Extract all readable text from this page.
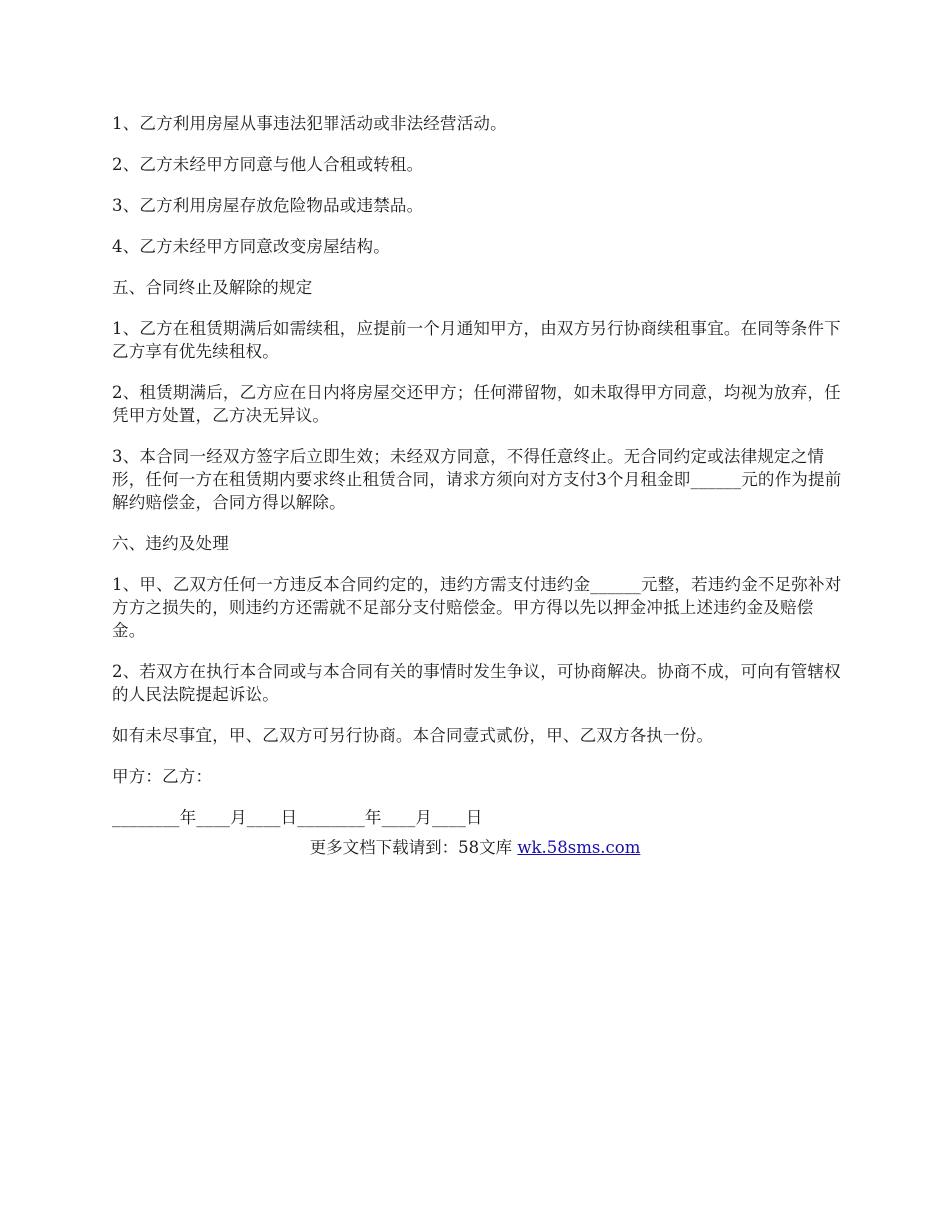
1、乙方利用房屋从事违法犯罪活动或非法经营活动。

2、乙方未经甲方同意与他人合租或转租。

3、乙方利用房屋存放危险物品或违禁品。

4、乙方未经甲方同意改变房屋结构。

五、合同终止及解除的规定

1、乙方在租赁期满后如需续租，应提前一个月通知甲方，由双方另行协商续租事宜。在同等条件下乙方享有优先续租权。

2、租赁期满后，乙方应在日内将房屋交还甲方；任何滞留物，如未取得甲方同意，均视为放弃，任凭甲方处置，乙方决无异议。

3、本合同一经双方签字后立即生效；未经双方同意，不得任意终止。无合同约定或法律规定之情形，任何一方在租赁期内要求终止租赁合同，请求方须向对方支付3个月租金即______元的作为提前解约赔偿金，合同方得以解除。

六、违约及处理

1、甲、乙双方任何一方违反本合同约定的，违约方需支付违约金______元整，若违约金不足弥补对方方之损失的，则违约方还需就不足部分支付赔偿金。甲方得以先以押金冲抵上述违约金及赔偿金。

2、若双方在执行本合同或与本合同有关的事情时发生争议，可协商解决。协商不成，可向有管辖权的人民法院提起诉讼。

如有未尽事宜，甲、乙双方可另行协商。本合同壹式贰份，甲、乙双方各执一份。

甲方：乙方：

________年____月____日________年____月____日

更多文档下载请到：58文库 wk.58sms.com
